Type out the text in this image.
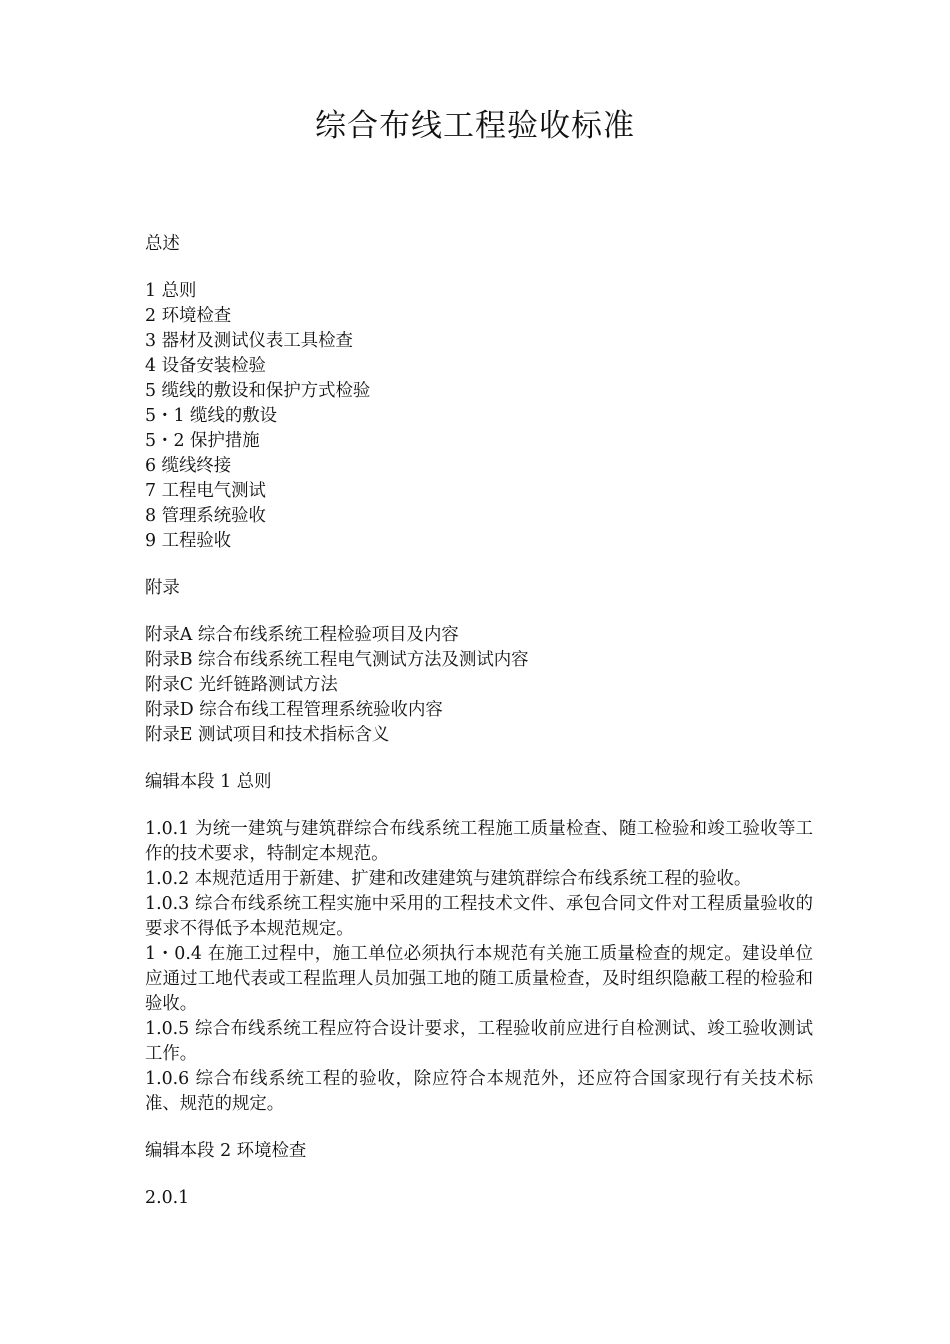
综合布线工程验收标准
总述
1 总则
2 环境检查
3 器材及测试仪表工具检查
4 设备安装检验
5 缆线的敷设和保护方式检验
5・1 缆线的敷设
5・2 保护措施
6 缆线终接
7 工程电气测试
8 管理系统验收
9 工程验收
附录
附录A 综合布线系统工程检验项目及内容
附录B 综合布线系统工程电气测试方法及测试内容
附录C 光纤链路测试方法
附录D 综合布线工程管理系统验收内容
附录E 测试项目和技术指标含义
编辑本段 1 总则

1.0.1 为统一建筑与建筑群综合布线系统工程施工质量检查、随工检验和竣工验收等工作的技术要求，特制定本规范。

1.0.2 本规范适用于新建、扩建和改建建筑与建筑群综合布线系统工程的验收。

1.0.3 综合布线系统工程实施中采用的工程技术文件、承包合同文件对工程质量验收的要求不得低予本规范规定。

1・0.4 在施工过程中，施工单位必须执行本规范有关施工质量检查的规定。建设单位应通过工地代表或工程监理人员加强工地的随工质量检查，及时组织隐蔽工程的检验和验收。

1.0.5 综合布线系统工程应符合设计要求，工程验收前应进行自检测试、竣工验收测试工作。

1.0.6 综合布线系统工程的验收，除应符合本规范外，还应符合国家现行有关技术标准、规范的规定。

编辑本段 2 环境检查
2.0.1
